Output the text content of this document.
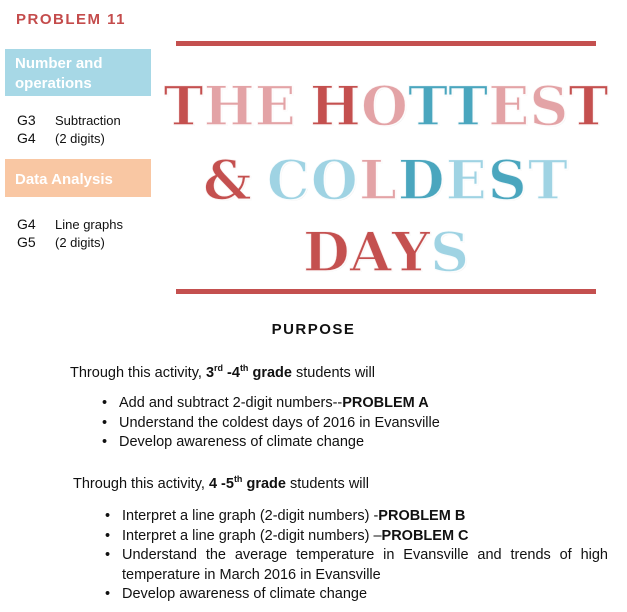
PROBLEM 11
Number and operations
G3	Subtraction
G4	(2 digits)
Data Analysis
G4	Line graphs
G5	(2 digits)
THE HOTTEST
& COLDEST
DAYS
PURPOSE
Through this activity, 3rd -4th grade students will
• Add and subtract 2-digit numbers--PROBLEM A
• Understand the coldest days of 2016 in Evansville
• Develop awareness of climate change
Through this activity, 4 -5th grade students will
• Interpret a line graph (2-digit numbers) -PROBLEM B
• Interpret a line graph (2-digit numbers) –PROBLEM C
• Understand the average temperature in Evansville and trends of high temperature in March 2016 in Evansville
• Develop awareness of climate change
